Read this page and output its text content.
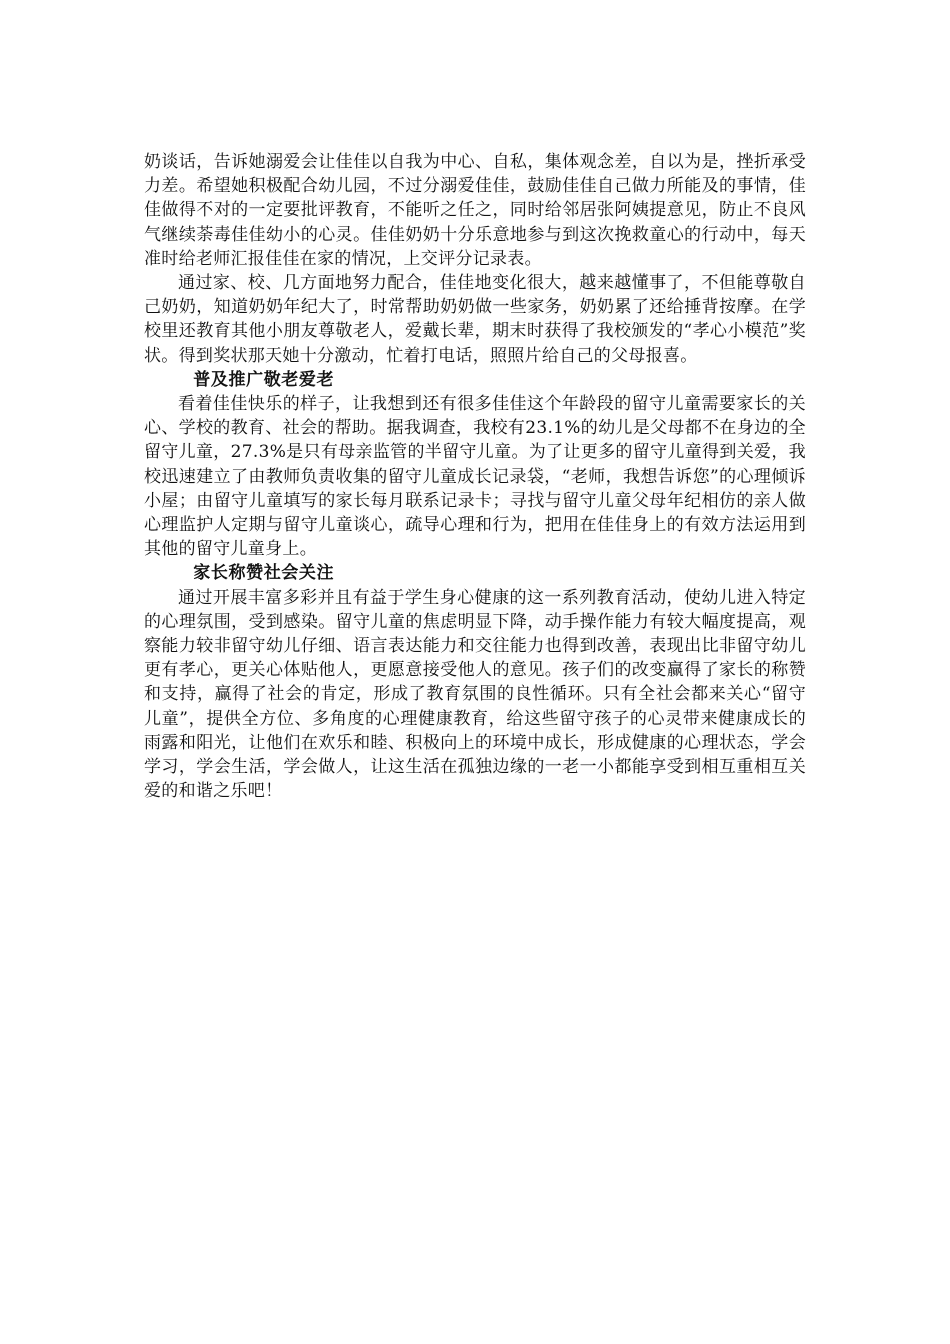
奶谈话，告诉她溺爱会让佳佳以自我为中心、自私，集体观念差，自以为是，挫折承受力差。希望她积极配合幼儿园，不过分溺爱佳佳，鼓励佳佳自己做力所能及的事情，佳佳做得不对的一定要批评教育，不能听之任之，同时给邻居张阿姨提意见，防止不良风气继续荼毒佳佳幼小的心灵。佳佳奶奶十分乐意地参与到这次挽救童心的行动中，每天准时给老师汇报佳佳在家的情况，上交评分记录表。

通过家、校、几方面地努力配合，佳佳地变化很大，越来越懂事了，不但能尊敬自己奶奶，知道奶奶年纪大了，时常帮助奶奶做一些家务，奶奶累了还给捶背按摩。在学校里还教育其他小朋友尊敬老人，爱戴长辈，期末时获得了我校颁发的“孝心小模范”奖状。得到奖状那天她十分激动，忙着打电话，照照片给自己的父母报喜。

普及推广敬老爱老

看着佳佳快乐的样子，让我想到还有很多佳佳这个年龄段的留守儿童需要家长的关心、学校的教育、社会的帮助。据我调查，我校有23.1%的幼儿是父母都不在身边的全留守儿童，27.3%是只有母亲监管的半留守儿童。为了让更多的留守儿童得到关爱，我校迅速建立了由教师负责收集的留守儿童成长记录袋，“老师，我想告诉您”的心理倾诉小屋；由留守儿童填写的家长每月联系记录卡；寻找与留守儿童父母年纪相仿的亲人做心理监护人定期与留守儿童谈心，疏导心理和行为，把用在佳佳身上的有效方法运用到其他的留守儿童身上。

家长称赞社会关注

通过开展丰富多彩并且有益于学生身心健康的这一系列教育活动，使幼儿进入特定的心理氛围，受到感染。留守儿童的焦虑明显下降，动手操作能力有较大幅度提高，观察能力较非留守幼儿仔细、语言表达能力和交往能力也得到改善，表现出比非留守幼儿更有孝心，更关心体贴他人，更愿意接受他人的意见。孩子们的改变赢得了家长的称赞和支持，赢得了社会的肯定，形成了教育氛围的良性循环。只有全社会都来关心“留守儿童”，提供全方位、多角度的心理健康教育，给这些留守孩子的心灵带来健康成长的雨露和阳光，让他们在欢乐和睦、积极向上的环境中成长，形成健康的心理状态，学会学习，学会生活，学会做人，让这生活在孤独边缘的一老一小都能享受到相互重相互关爱的和谐之乐吧！
